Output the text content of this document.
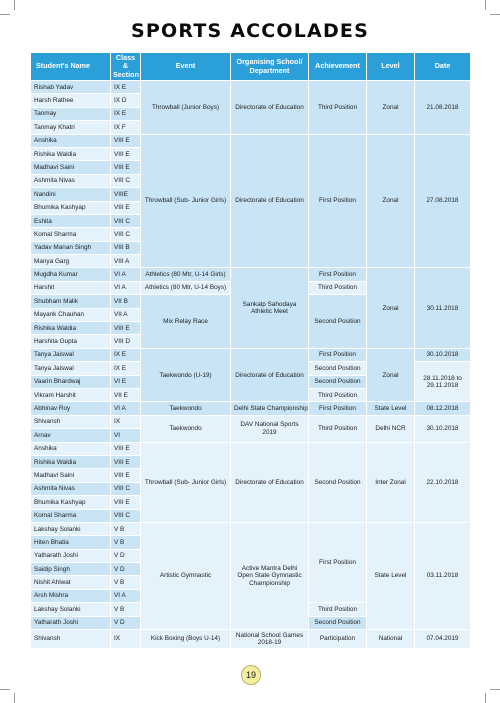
SPORTS ACCOLADES
Student's Name	Class & Section	Event	Organising School/ Department	Achievement	Level	Date
Rishab Yadav	IX E	Throwball (Junior Boys)	Directorate of Education	Third Position	Zonal	21.08.2018
Harsh Rathee	IX D					
Tanmay	IX E					
Tanmay Khatri	IX F					
Anshika	VIII E	Throwball (Sub- Junior Girls)	Directorate of Education	First Position	Zonal	27.08.2018
Rishika Waldia	VIII E					
Madhavi Saini	VIII E					
Ashmita Nivas	VIII C					
Nandini	VIIIE					
Bhumika Kashyap	VIII E					
Eshita	VIII C					
Komal Sharma	VIII C					
Yadav Manan Singh	VIII B					
Manya Garg	VIII A					
Mugdha Kumar	VI A	Athletics (80 Mtr, U-14 Girls)	Sankalp Sahodaya Athletic Meet	First Position	Zonal	30.11.2018
Harshit	VI A	Athletics (80 Mtr, U-14 Boys)		Third Position		
Shubham Malik	VII B	Mix Relay Race		Second Position		
Mayank Chauhan	VII A					
Rishika Waldia	VIII E					
Harshita Gupta	VIII D					
Tanya Jaiswal	IX E	Taekwondo (U-19)	Directorate of Education	First Position	Zonal	30.10.2018
Tanya Jaiswal	IX E			Second Position		28.11.2018 to 29.11.2018
Vaarin Bhardwaj	VI E			Second Position		
Vikram Harshit	VII E			Third Position		
Abhinav Roy	VI A	Taekwondo	Delhi State Championship	First Position	State Level	08.12.2018
Shivansh	IX	Taekwondo	DAV National Sports 2019	Third Position	Delhi NCR	30.10.2018
Arnav	VI					
Anshika	VIII E	Throwball (Sub- Junior Girls)	Directorate of Education	Second Position	Inter Zonal	22.10.2018
Rishika Waldia	VIII E					
Madhavi Saini	VIII E					
Ashmita Nivas	VIII C					
Bhumika Kashyap	VIII E					
Komal Sharma	VIII C					
Lakshay Solanki	V B	Artistic Gymnastic	Active Mantra Delhi Open State Gymnastic Championship	First Position	State Level	03.11.2018
Hiten Bhatia	V B					
Yatharath Joshi	V D					
Saidip Singh	V D					
Nishit Ahlwat	V B					
Arsh Mishra	VI A					
Lakshay Solanki	V B			Third Position		
Yatharath Joshi	V D			Second Position		
Shivansh	IX	Kick Boxing (Boys U-14)	National School Games 2018-19	Participation	National	07.04.2019
19
